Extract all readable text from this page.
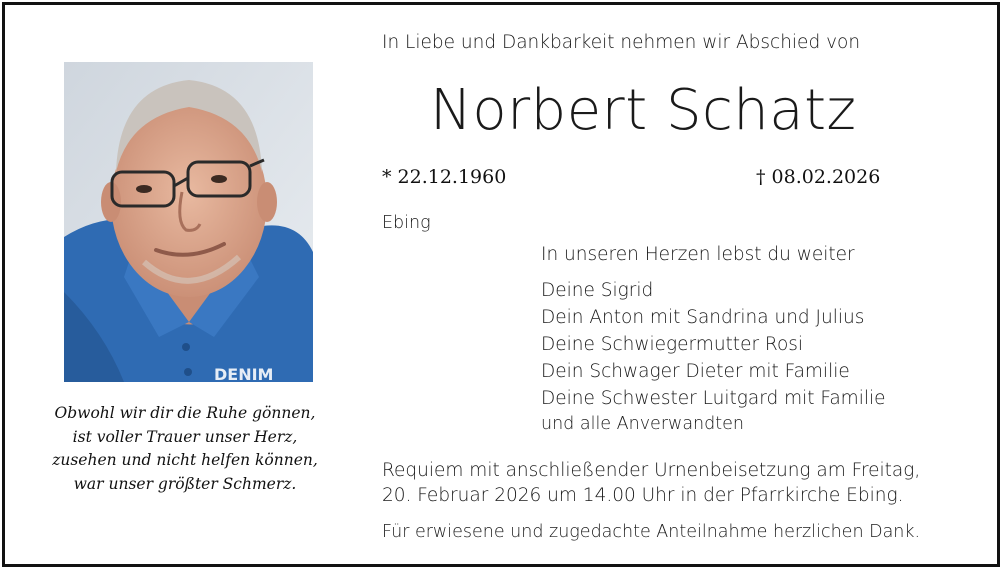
DENIM
Obwohl wir dir die Ruhe gönnen,
ist voller Trauer unser Herz,
zusehen und nicht helfen können,
war unser größter Schmerz.
In Liebe und Dankbarkeit nehmen wir Abschied von
Norbert Schatz
* 22.12.1960	† 08.02.2026
Ebing
In unseren Herzen lebst du weiter
Deine Sigrid
Dein Anton mit Sandrina und Julius
Deine Schwiegermutter Rosi
Dein Schwager Dieter mit Familie
Deine Schwester Luitgard mit Familie
und alle Anverwandten
Requiem mit anschließender Urnenbeisetzung am Freitag,
20. Februar 2026 um 14.00 Uhr in der Pfarrkirche Ebing.
Für erwiesene und zugedachte Anteilnahme herzlichen Dank.
